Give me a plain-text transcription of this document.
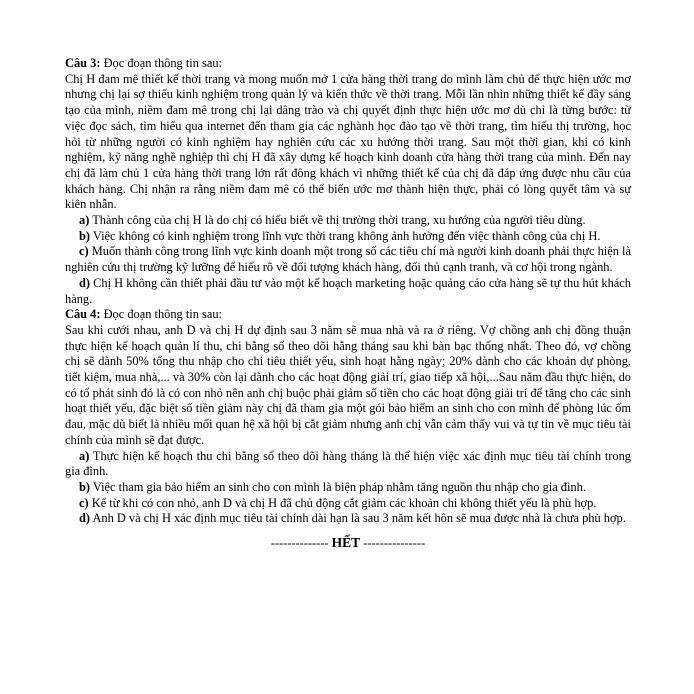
Câu 3: Đọc đoạn thông tin sau:

Chị H đam mê thiết kế thời trang và mong muốn mở 1 cửa hàng thời trang do mình làm chủ để thực hiện ước mơ nhưng chị lại sợ thiếu kinh nghiệm trong quản lý và kiến thức về thời trang. Mỗi lần nhìn những thiết kế đầy sáng tạo của mình, niềm đam mê trong chị lại dâng trào và chị quyết định thực hiện ước mơ dù chỉ là từng bước: từ việc đọc sách, tìm hiểu qua internet đến tham gia các nghành học đào tạo về thời trang, tìm hiểu thị trường, học hỏi từ những người có kinh nghiệm hay nghiên cứu các xu hướng thời trang. Sau một thời gian, khi có kinh nghiệm, kỹ năng nghề nghiệp thì chị H đã xây dựng kế hoạch kinh doanh cửa hàng thời trang của mình. Đến nay chị đã làm chủ 1 cửa hàng thời trang lớn rất đông khách vì những thiết kế của chị đã đáp ứng được nhu cầu của khách hàng. Chị nhận ra rằng niềm đam mê có thể biến ước mơ thành hiện thực, phải có lòng quyết tâm và sự kiên nhẫn.

a) Thành công của chị H là do chị có hiểu biết về thị trường thời trang, xu hướng của người tiêu dùng.

b) Việc không có kinh nghiệm trong lĩnh vực thời trang không ảnh hưởng đến việc thành công của chị H.

c) Muốn thành công trong lĩnh vực kinh doanh một trong số các tiêu chí mà người kinh doanh phải thực hiện là nghiên cứu thị trường kỹ lưỡng để hiểu rõ về đối tượng khách hàng, đối thủ cạnh tranh, và cơ hội trong ngành.

d) Chị H không cần thiết phải đầu tư vào một kế hoạch marketing hoặc quảng cáo cửa hàng sẽ tự thu hút khách hàng.

Câu 4: Đọc đoạn thông tin sau:

Sau khi cưới nhau, anh D và chị H dự định sau 3 năm sẽ mua nhà và ra ở riêng. Vợ chồng anh chị đồng thuận thực hiện kế hoạch quản lí thu, chi bằng sổ theo dõi hằng tháng sau khi bàn bạc thống nhất. Theo đó, vợ chồng chị sẽ dành 50% tổng thu nhập cho chi tiêu thiết yếu, sinh hoạt hằng ngày; 20% dành cho các khoản dự phòng, tiết kiệm, mua nhà,... và 30% còn lại dành cho các hoạt động giải trí, giao tiếp xã hội,...Sau năm đầu thực hiện, do có tổ phát sinh đó là có con nhỏ nên anh chị buộc phải giảm số tiền cho các hoạt động giải trí để tăng cho các sinh hoạt thiết yếu, đặc biệt số tiền giảm này chị đã tham gia một gói bảo hiểm an sinh cho con mình để phòng lúc ốm đau, mặc dù biết là nhiều mối quan hệ xã hội bị cắt giảm nhưng anh chị vẫn cảm thấy vui và tự tin về mục tiêu tài chính của mình sẽ đạt được.

a) Thực hiện kế hoạch thu chi bằng sổ theo dõi hàng tháng là thể hiện việc xác định mục tiêu tài chính trong gia đình.

b) Việc tham gia bảo hiểm an sinh cho con mình là biện pháp nhằm tăng nguồn thu nhập cho gia đình.

c) Kể từ khi có con nhỏ, anh D và chị H đã chủ động cắt giảm các khoản chi không thiết yếu là phù hợp.

d) Anh D và chị H xác định mục tiêu tài chính dài hạn là sau 3 năm kết hôn sẽ mua được nhà là chưa phù hợp.

-------------- HẾT ---------------
